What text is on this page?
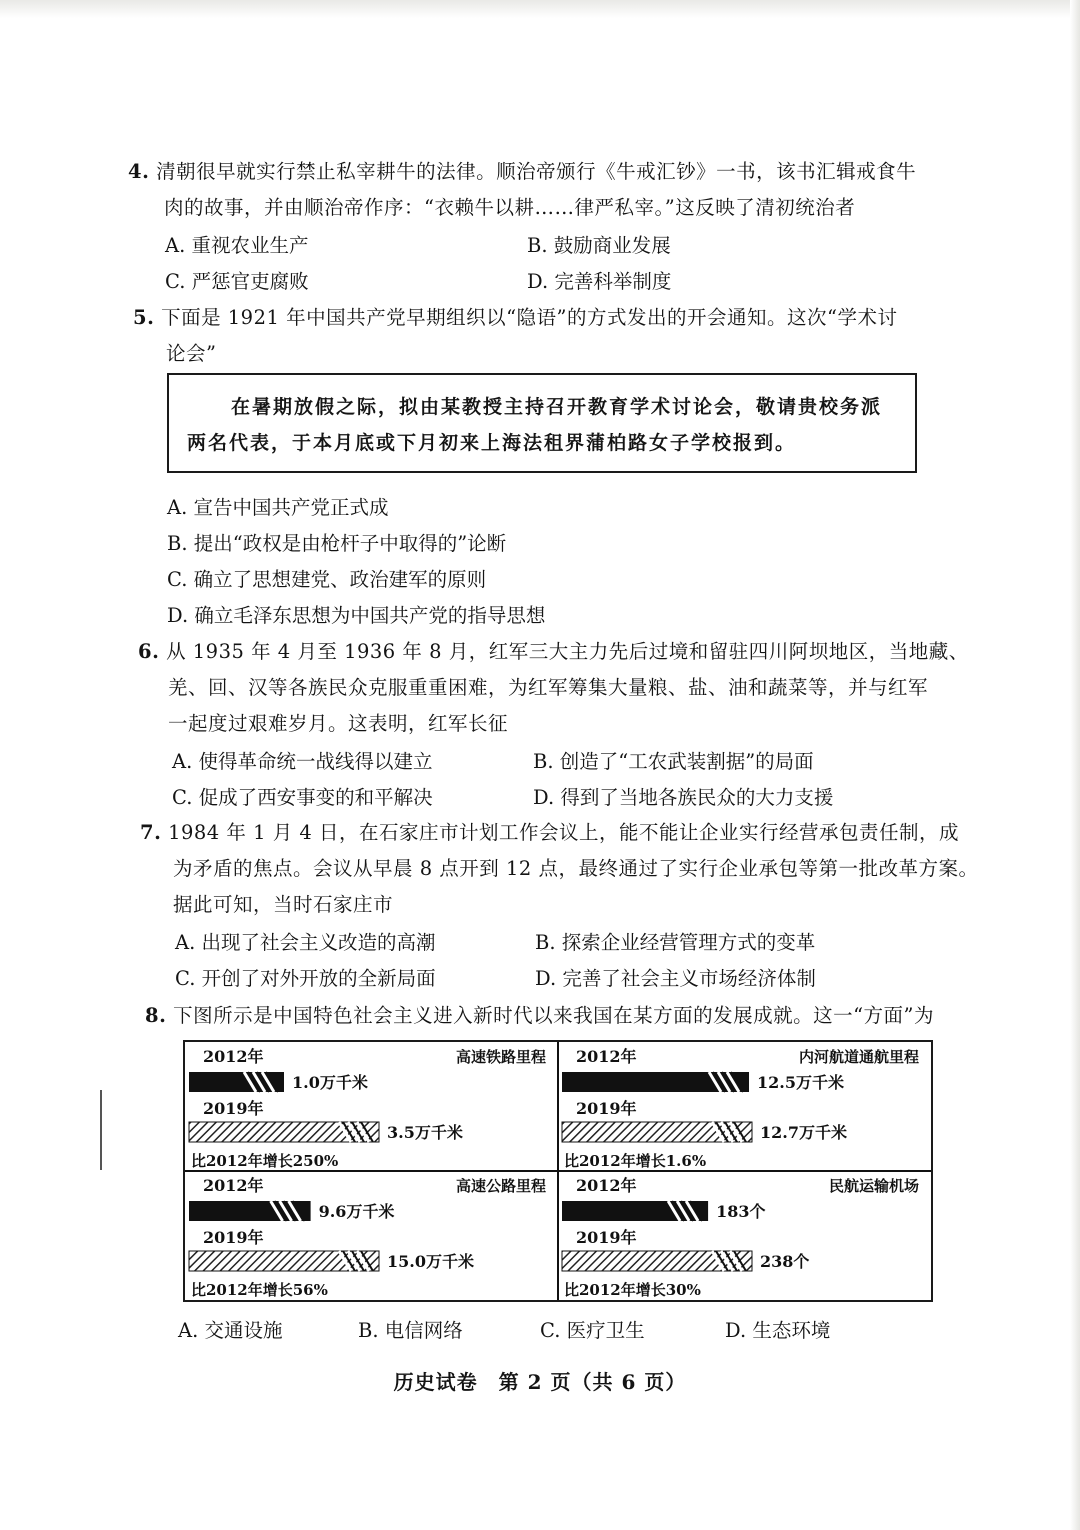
4. 清朝很早就实行禁止私宰耕牛的法律。顺治帝颁行《牛戒汇钞》一书，该书汇辑戒食牛
肉的故事，并由顺治帝作序：“衣赖牛以耕……律严私宰。”这反映了清初统治者
A. 重视农业生产	B. 鼓励商业发展
C. 严惩官吏腐败	D. 完善科举制度
5. 下面是 1921 年中国共产党早期组织以“隐语”的方式发出的开会通知。这次“学术讨
论会”
在暑期放假之际，拟由某教授主持召开教育学术讨论会，敬请贵校务派
两名代表，于本月底或下月初来上海法租界蒲柏路女子学校报到。
A. 宣告中国共产党正式成
B. 提出“政权是由枪杆子中取得的”论断
C. 确立了思想建党、政治建军的原则
D. 确立毛泽东思想为中国共产党的指导思想
6. 从 1935 年 4 月至 1936 年 8 月，红军三大主力先后过境和留驻四川阿坝地区，当地藏、
羌、回、汉等各族民众克服重重困难，为红军筹集大量粮、盐、油和蔬菜等，并与红军
一起度过艰难岁月。这表明，红军长征
A. 使得革命统一战线得以建立	B. 创造了“工农武装割据”的局面
C. 促成了西安事变的和平解决	D. 得到了当地各族民众的大力支援
7. 1984 年 1 月 4 日，在石家庄市计划工作会议上，能不能让企业实行经营承包责任制，成
为矛盾的焦点。会议从早晨 8 点开到 12 点，最终通过了实行企业承包等第一批改革方案。
据此可知，当时石家庄市
A. 出现了社会主义改造的高潮	B. 探索企业经营管理方式的变革
C. 开创了对外开放的全新局面	D. 完善了社会主义市场经济体制
8. 下图所示是中国特色社会主义进入新时代以来我国在某方面的发展成就。这一“方面”为
2012年	高速铁路里程
1.0万千米
2019年
3.5万千米
比2012年增长250%
2012年	内河航道通航里程
12.5万千米
2019年
12.7万千米
比2012年增长1.6%
2012年	高速公路里程
9.6万千米
2019年
15.0万千米
比2012年增长56%
2012年	民航运输机场
183个
2019年
238个
比2012年增长30%
A. 交通设施	B. 电信网络	C. 医疗卫生	D. 生态环境
历史试卷　第 2 页（共 6 页）
